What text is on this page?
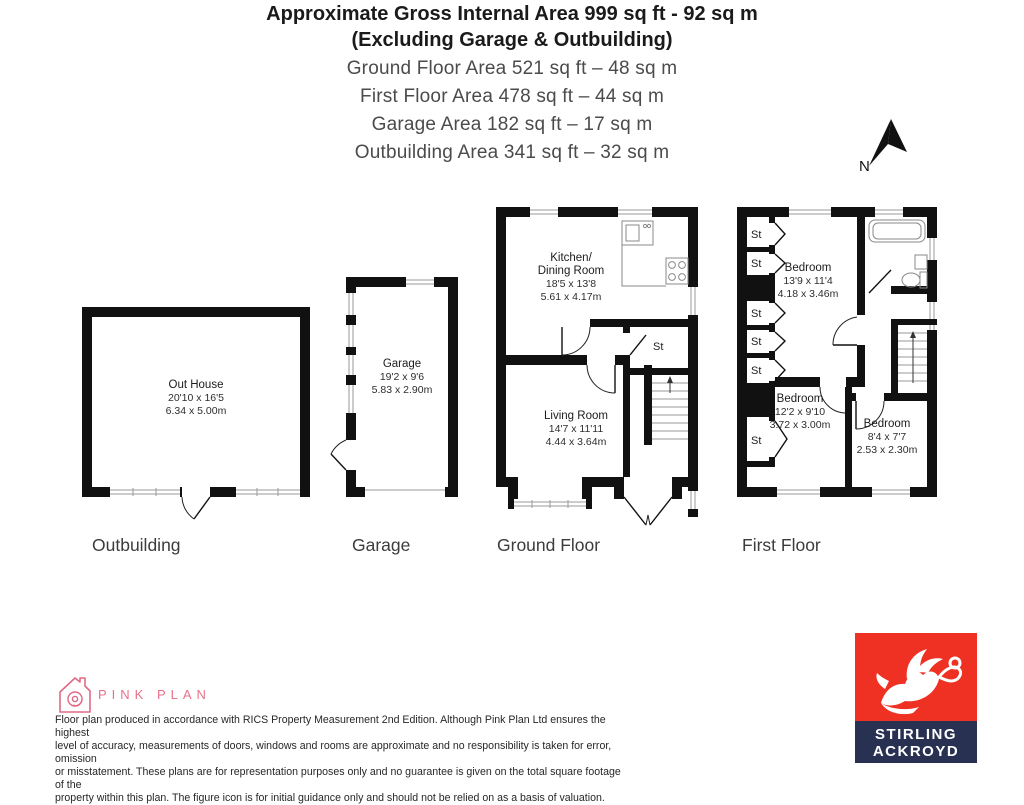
Approximate Gross Internal Area 999 sq ft - 92 sq m
(Excluding Garage & Outbuilding)
Ground Floor Area 521 sq ft – 48 sq m
First Floor Area 478 sq ft – 44 sq m
Garage Area 182 sq ft – 17 sq m
Outbuilding Area 341 sq ft – 32 sq m
N
Out House
20'10 x 16'5
6.34 x 5.00m
Garage
19'2 x 9'6
5.83 x 2.90m
St
Kitchen/
Dining Room
18'5 x 13'8
5.61 x 4.17m
Living Room
14'7 x 11'11
4.44 x 3.64m
St
St
St
St
St
St
Bedroom
13'9 x 11'4
4.18 x 3.46m
Bedroom
12'2 x 9'10
3.72 x 3.00m	Bedroom
8'4 x 7'7
2.53 x 2.30m
Outbuilding	Garage	Ground Floor	First Floor
PINK PLAN
Floor plan produced in accordance with RICS Property Measurement 2nd Edition. Although Pink Plan Ltd ensures the highest
level of accuracy, measurements of doors, windows and rooms are approximate and no responsibility is taken for error, omission
or misstatement. These plans are for representation purposes only and no guarantee is given on the total square footage of the
property within this plan. The figure icon is for initial guidance only and should not be relied on as a basis of valuation.
STIRLING
ACKROYD
